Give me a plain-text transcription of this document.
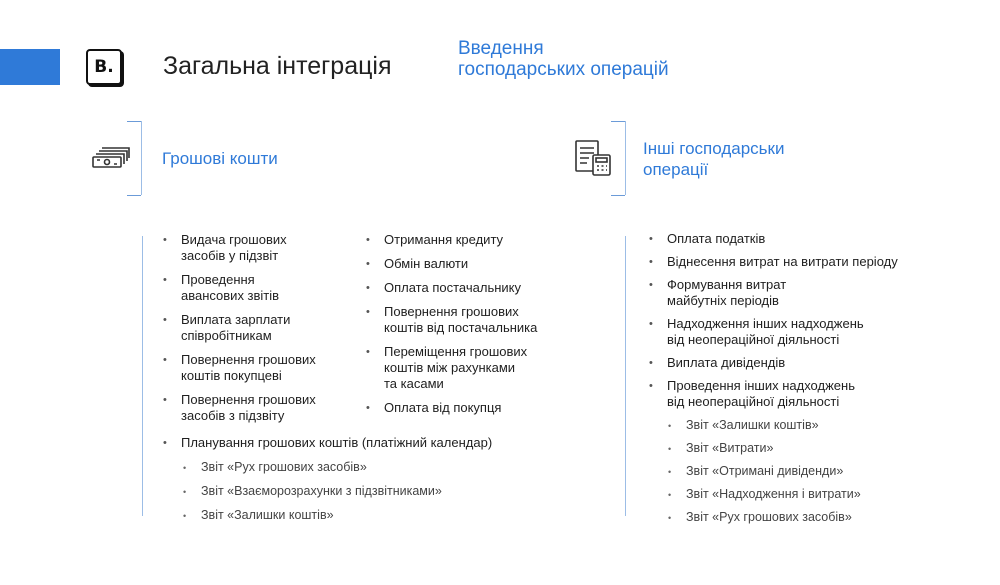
B. Загальна інтеграція
Введення
господарських операцій
Грошові кошти
Інші господарськи
операції
• Видача грошових
засобів у підзвіт
• Проведення
авансових звітів
• Виплата зарплати
співробітникам
• Повернення грошових
коштів покупцеві
• Повернення грошових
засобів з підзвіту
• Отримання кредиту
• Обмін валюти
• Оплата постачальнику
• Повернення грошових
коштів від постачальника
• Переміщення грошових
коштів між рахунками
та касами
• Оплата від покупця
• Планування грошових коштів (платіжний календар)
• Звіт «Рух грошових засобів»
• Звіт «Взаєморозрахунки з підзвітниками»
• Звіт «Залишки коштів»
• Оплата податків
• Віднесення витрат на витрати періоду
• Формування витрат
майбутніх періодів
• Надходження інших надходжень
від неопераційної діяльності
• Виплата дивідендів
• Проведення інших надходжень
від неопераційної діяльності
• Звіт «Залишки коштів»
• Звіт «Витрати»
• Звіт «Отримані дивіденди»
• Звіт «Надходження і витрати»
• Звіт «Рух грошових засобів»
